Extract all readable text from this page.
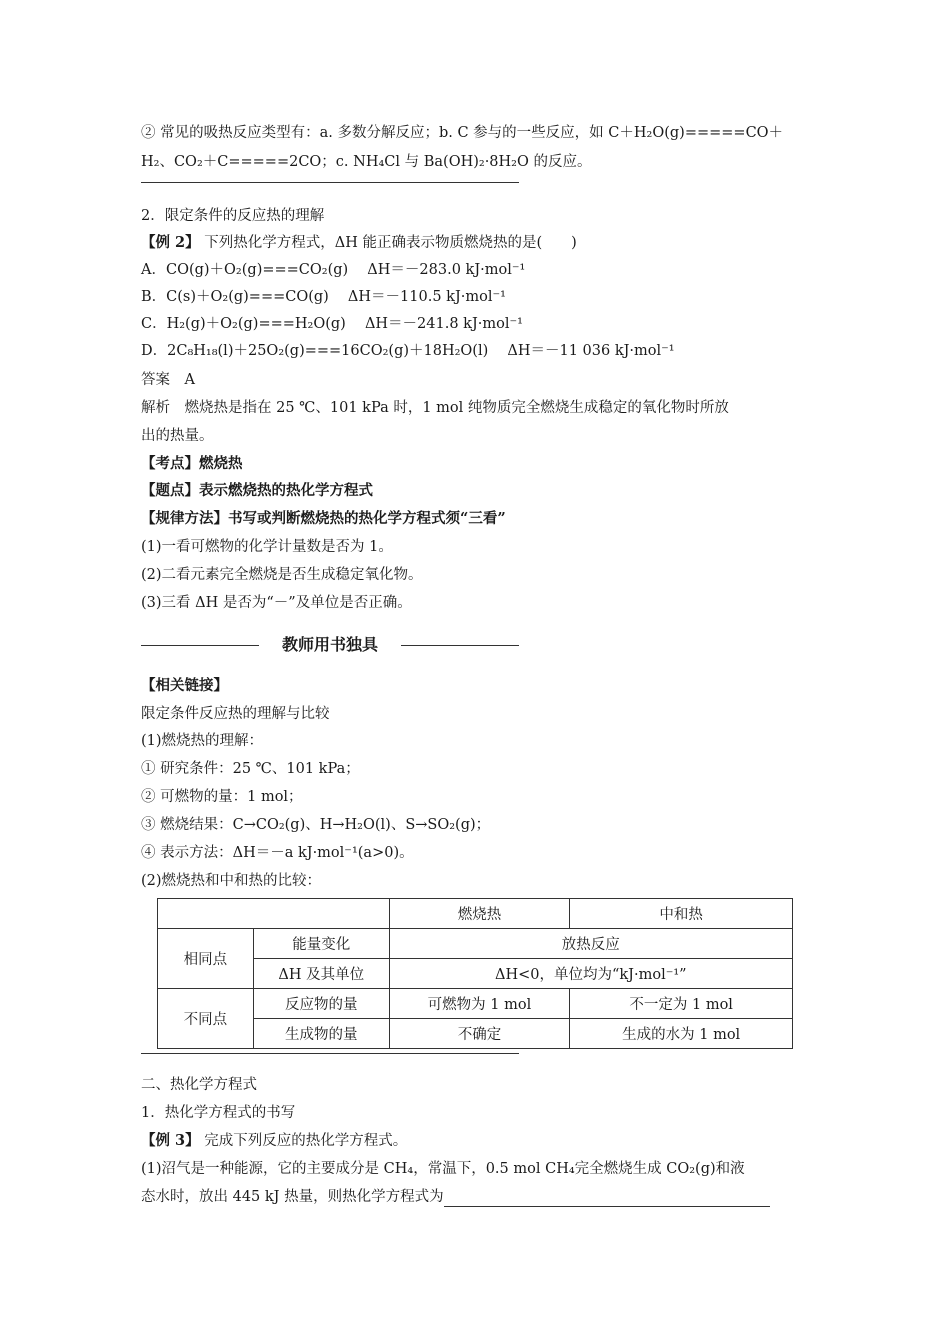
② 常见的吸热反应类型有：a. 多数分解反应；b. C 参与的一些反应，如 C＋H₂O(g)=====CO＋
H₂、CO₂＋C=====2CO；c. NH₄Cl 与 Ba(OH)₂·8H₂O 的反应。
2．限定条件的反应热的理解
【例 2】 下列热化学方程式，ΔH 能正确表示物质燃烧热的是(　　)
A．CO(g)＋O₂(g)===CO₂(g)　 ΔH＝－283.0 kJ·mol⁻¹
B．C(s)＋O₂(g)===CO(g)　 ΔH＝－110.5 kJ·mol⁻¹
C．H₂(g)＋O₂(g)===H₂O(g)　 ΔH＝－241.8 kJ·mol⁻¹
D．2C₈H₁₈(l)＋25O₂(g)===16CO₂(g)＋18H₂O(l)　 ΔH＝－11 036 kJ·mol⁻¹
答案　A
解析　燃烧热是指在 25 ℃、101 kPa 时，1 mol 纯物质完全燃烧生成稳定的氧化物时所放
出的热量。
【考点】燃烧热
【题点】表示燃烧热的热化学方程式
【规律方法】书写或判断燃烧热的热化学方程式须“三看”
(1)一看可燃物的化学计量数是否为 1。
(2)二看元素完全燃烧是否生成稳定氧化物。
(3)三看 ΔH 是否为“－”及单位是否正确。
教师用书独具
【相关链接】
限定条件反应热的理解与比较
(1)燃烧热的理解：
① 研究条件：25 ℃、101 kPa；
② 可燃物的量：1 mol；
③ 燃烧结果：C→CO₂(g)、H→H₂O(l)、S→SO₂(g)；
④ 表示方法：ΔH＝－a kJ·mol⁻¹(a>0)。
(2)燃烧热和中和热的比较：
		燃烧热	中和热
相同点	能量变化	放热反应	
	ΔH 及其单位	ΔH<0，单位均为“kJ·mol⁻¹”	
不同点	反应物的量	可燃物为 1 mol	不一定为 1 mol
	生成物的量	不确定	生成的水为 1 mol
二、热化学方程式
1．热化学方程式的书写
【例 3】 完成下列反应的热化学方程式。
(1)沼气是一种能源，它的主要成分是 CH₄，常温下，0.5 mol CH₄完全燃烧生成 CO₂(g)和液
态水时，放出 445 kJ 热量，则热化学方程式为
